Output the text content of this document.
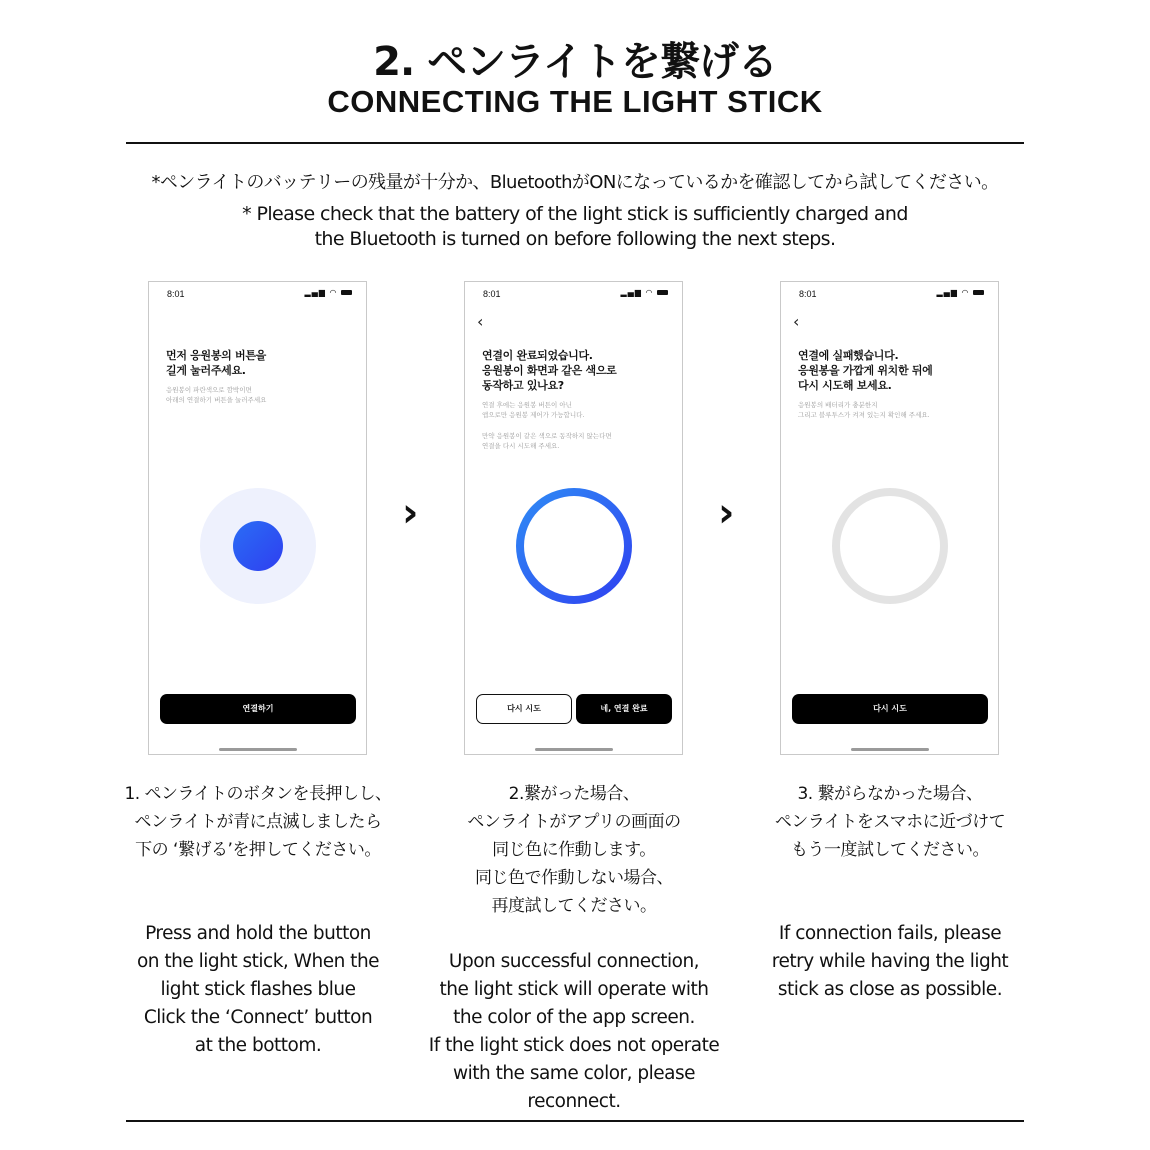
2. ペンライトを繋げる
CONNECTING THE LIGHT STICK
*ペンライトのバッテリーの残量が十分か、BluetoothがONになっているかを確認してから試してください。
* Please check that the battery of the light stick is sufficiently charged and
the Bluetooth is turned on before following the next steps.
8:01	▂▄▆ ◠
먼저 응원봉의 버튼을
길게 눌러주세요.
응원봉이 파란색으로 깜박이면
아래의 연결하기 버튼을 눌러주세요
연결하기
›
8:01	▂▄▆ ◠
‹
연결이 완료되었습니다.
응원봉이 화면과 같은 색으로
동작하고 있나요?
연결 후에는 응원봉 버튼이 아닌
앱으로만 응원봉 제어가 가능합니다.
만약 응원봉이 같은 색으로 동작하지 않는다면
연결을 다시 시도해 주세요.
다시 시도	네, 연결 완료
›
8:01	▂▄▆ ◠
‹
연결에 실패했습니다.
응원봉을 가깝게 위치한 뒤에
다시 시도해 보세요.
응원봉의 배터리가 충분한지
그리고 블루투스가 켜져 있는지 확인해 주세요.
다시 시도
1. ペンライトのボタンを長押しし、
ペンライトが青に点滅しましたら
下の ‘繋げる’を押してください。
Press and hold the button
on the light stick, When the
light stick flashes blue
Click the ‘Connect’ button
at the bottom.
2.繋がった場合、
ペンライトがアプリの画面の
同じ色に作動します。
同じ色で作動しない場合、
再度試してください。
Upon successful connection,
the light stick will operate with
the color of the app screen.
If the light stick does not operate
with the same color, please
reconnect.
3. 繋がらなかった場合、
ペンライトをスマホに近づけて
もう一度試してください。
If connection fails, please
retry while having the light
stick as close as possible.
